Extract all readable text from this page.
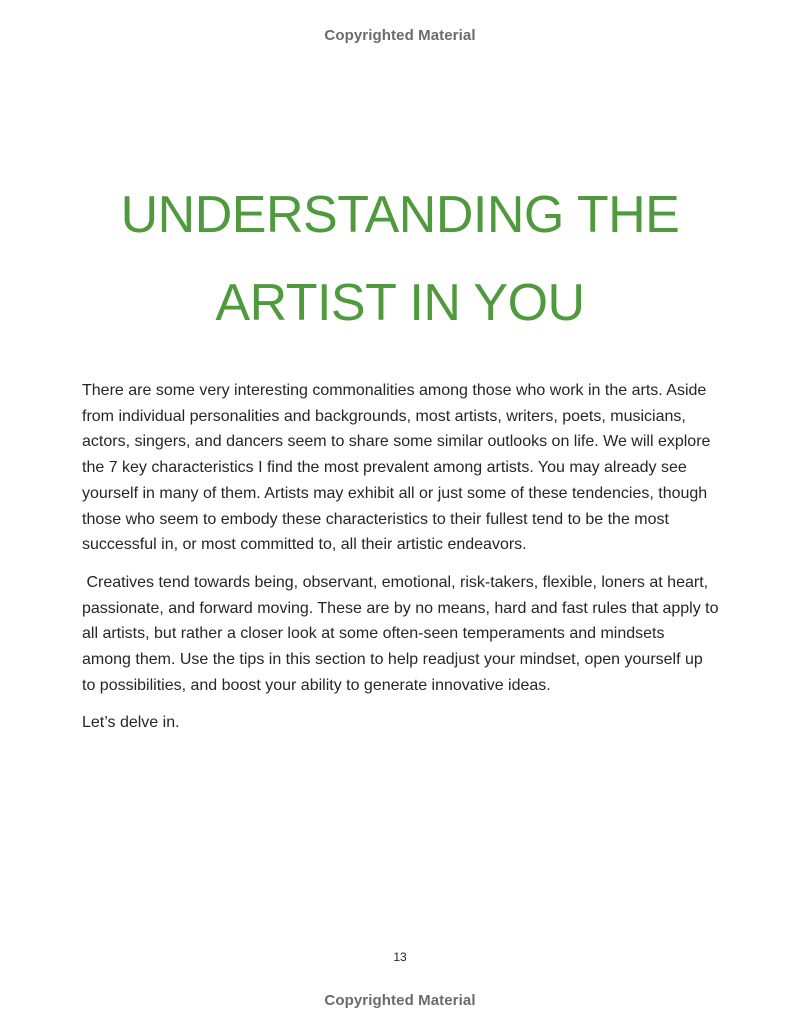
Copyrighted Material
UNDERSTANDING THE
ARTIST IN YOU

There are some very interesting commonalities among those who work in the arts. Aside
from individual personalities and backgrounds, most artists, writers, poets, musicians,
actors, singers, and dancers seem to share some similar outlooks on life. We will explore
the 7 key characteristics I find the most prevalent among artists. You may already see
yourself in many of them. Artists may exhibit all or just some of these tendencies, though
those who seem to embody these characteristics to their fullest tend to be the most
successful in, or most committed to, all their artistic endeavors.

Creatives tend towards being, observant, emotional, risk-takers, flexible, loners at heart,
passionate, and forward moving. These are by no means, hard and fast rules that apply to
all artists, but rather a closer look at some often-seen temperaments and mindsets
among them. Use the tips in this section to help readjust your mindset, open yourself up
to possibilities, and boost your ability to generate innovative ideas.

Let’s delve in.

13
Copyrighted Material
